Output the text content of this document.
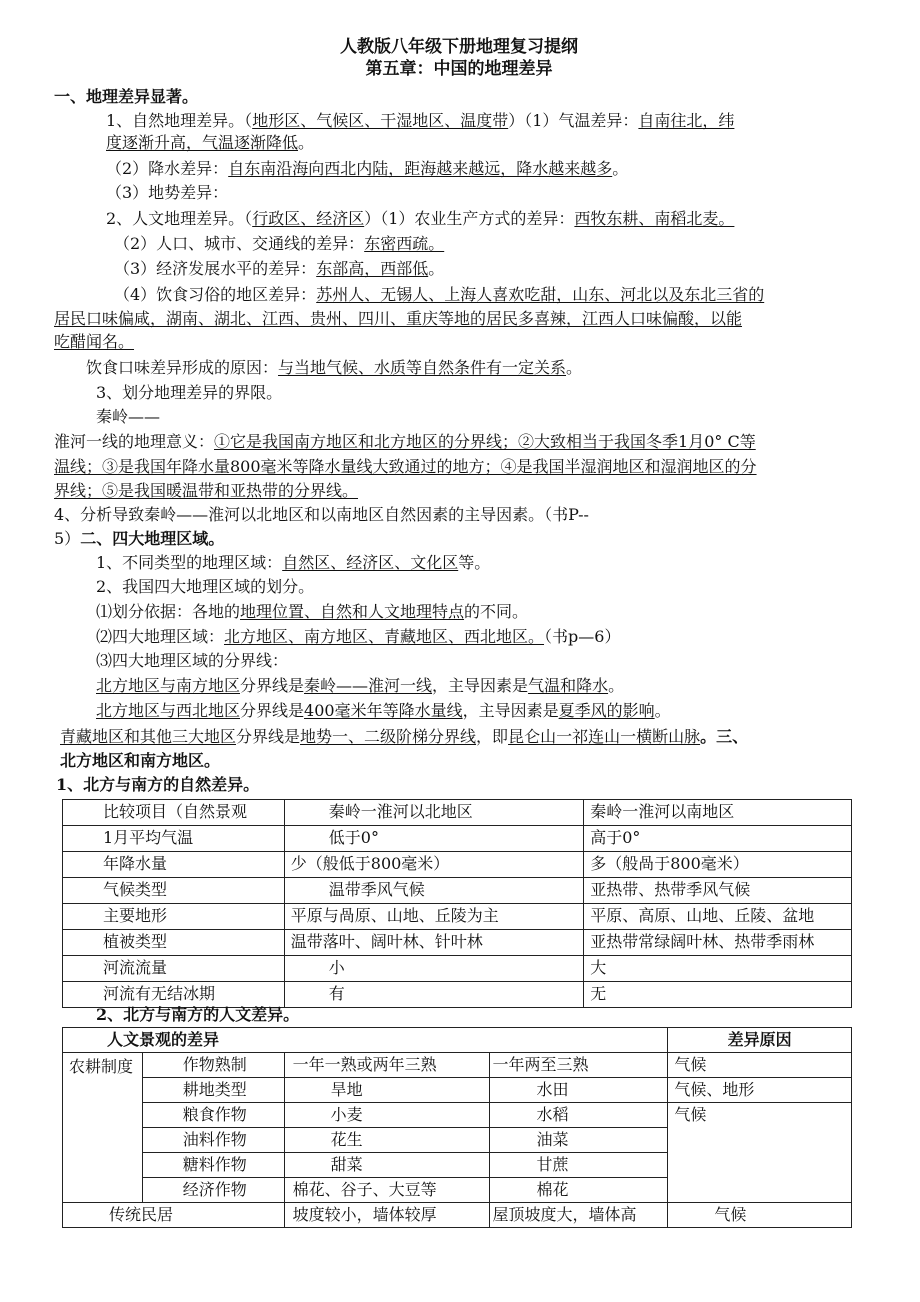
人教版八年级下册地理复习提纲
第五章：中国的地理差异
一、地理差异显著。
1、自然地理差异。（地形区、气候区、干湿地区、温度带）（1）气温差异：自南往北，纬
度逐渐升高，气温逐渐降低。
（2）降水差异：自东南沿海向西北内陆，距海越来越远，降水越来越多。
（3）地势差异：
2、人文地理差异。（行政区、经济区）（1）农业生产方式的差异：西牧东耕、南稻北麦。
（2）人口、城市、交通线的差异：东密西疏。
（3）经济发展水平的差异：东部高，西部低。
（4）饮食习俗的地区差异：苏州人、无锡人、上海人喜欢吃甜，山东、河北以及东北三省的
居民口味偏咸，湖南、湖北、江西、贵州、四川、重庆等地的居民多喜辣，江西人口味偏酸，以能
吃醋闻名。
饮食口味差异形成的原因：与当地气候、水质等自然条件有一定关系。
3、划分地理差异的界限。
秦岭——
淮河一线的地理意义：①它是我国南方地区和北方地区的分界线；②大致相当于我国冬季1月0° C等
温线；③是我国年降水量800毫米等降水量线大致通过的地方；④是我国半湿润地区和湿润地区的分
界线；⑤是我国暖温带和亚热带的分界线。
4、分析导致秦岭——淮河以北地区和以南地区自然因素的主导因素。（书P--
5）二、四大地理区域。
1、不同类型的地理区域：自然区、经济区、文化区等。
2、我国四大地理区域的划分。
⑴划分依据：各地的地理位置、自然和人文地理特点的不同。
⑵四大地理区域：北方地区、南方地区、青藏地区、西北地区。（书p—6）
⑶四大地理区域的分界线：
北方地区与南方地区分界线是秦岭——淮河一线，主导因素是气温和降水。
北方地区与西北地区分界线是400毫米年等降水量线，主导因素是夏季风的影响。
青藏地区和其他三大地区分界线是地势一、二级阶梯分界线，即昆仑山一祁连山一横断山脉。三、
北方地区和南方地区。
1、北方与南方的自然差异。
比较项目（自然景观	秦岭一淮河以北地区	秦岭一淮河以南地区
1月平均气温	低于0°	高于0°
年降水量	少（般低于800毫米）	多（般咼于800毫米）
气候类型	温带季风气候	亚热带、热带季风气候
主要地形	平原与咼原、山地、丘陵为主	平原、高原、山地、丘陵、盆地
植被类型	温带落叶、阔叶林、针叶林	亚热带常绿阔叶林、热带季雨林
河流流量	小	大
河流有无结冰期	有	无
2、北方与南方的人文差异。
人文景观的差异				差异原因
农耕制度	作物熟制	一年一熟或两年三熟	一年两至三熟	气候
	耕地类型	旱地	水田	气候、地形
	粮食作物	小麦	水稻	气候
	油料作物	花生	油菜	
	糖料作物	甜菜	甘蔗	
	经济作物	棉花、谷子、大豆等	棉花	
传统民居		坡度较小，墙体较厚	屋顶坡度大，墙体高	气候
